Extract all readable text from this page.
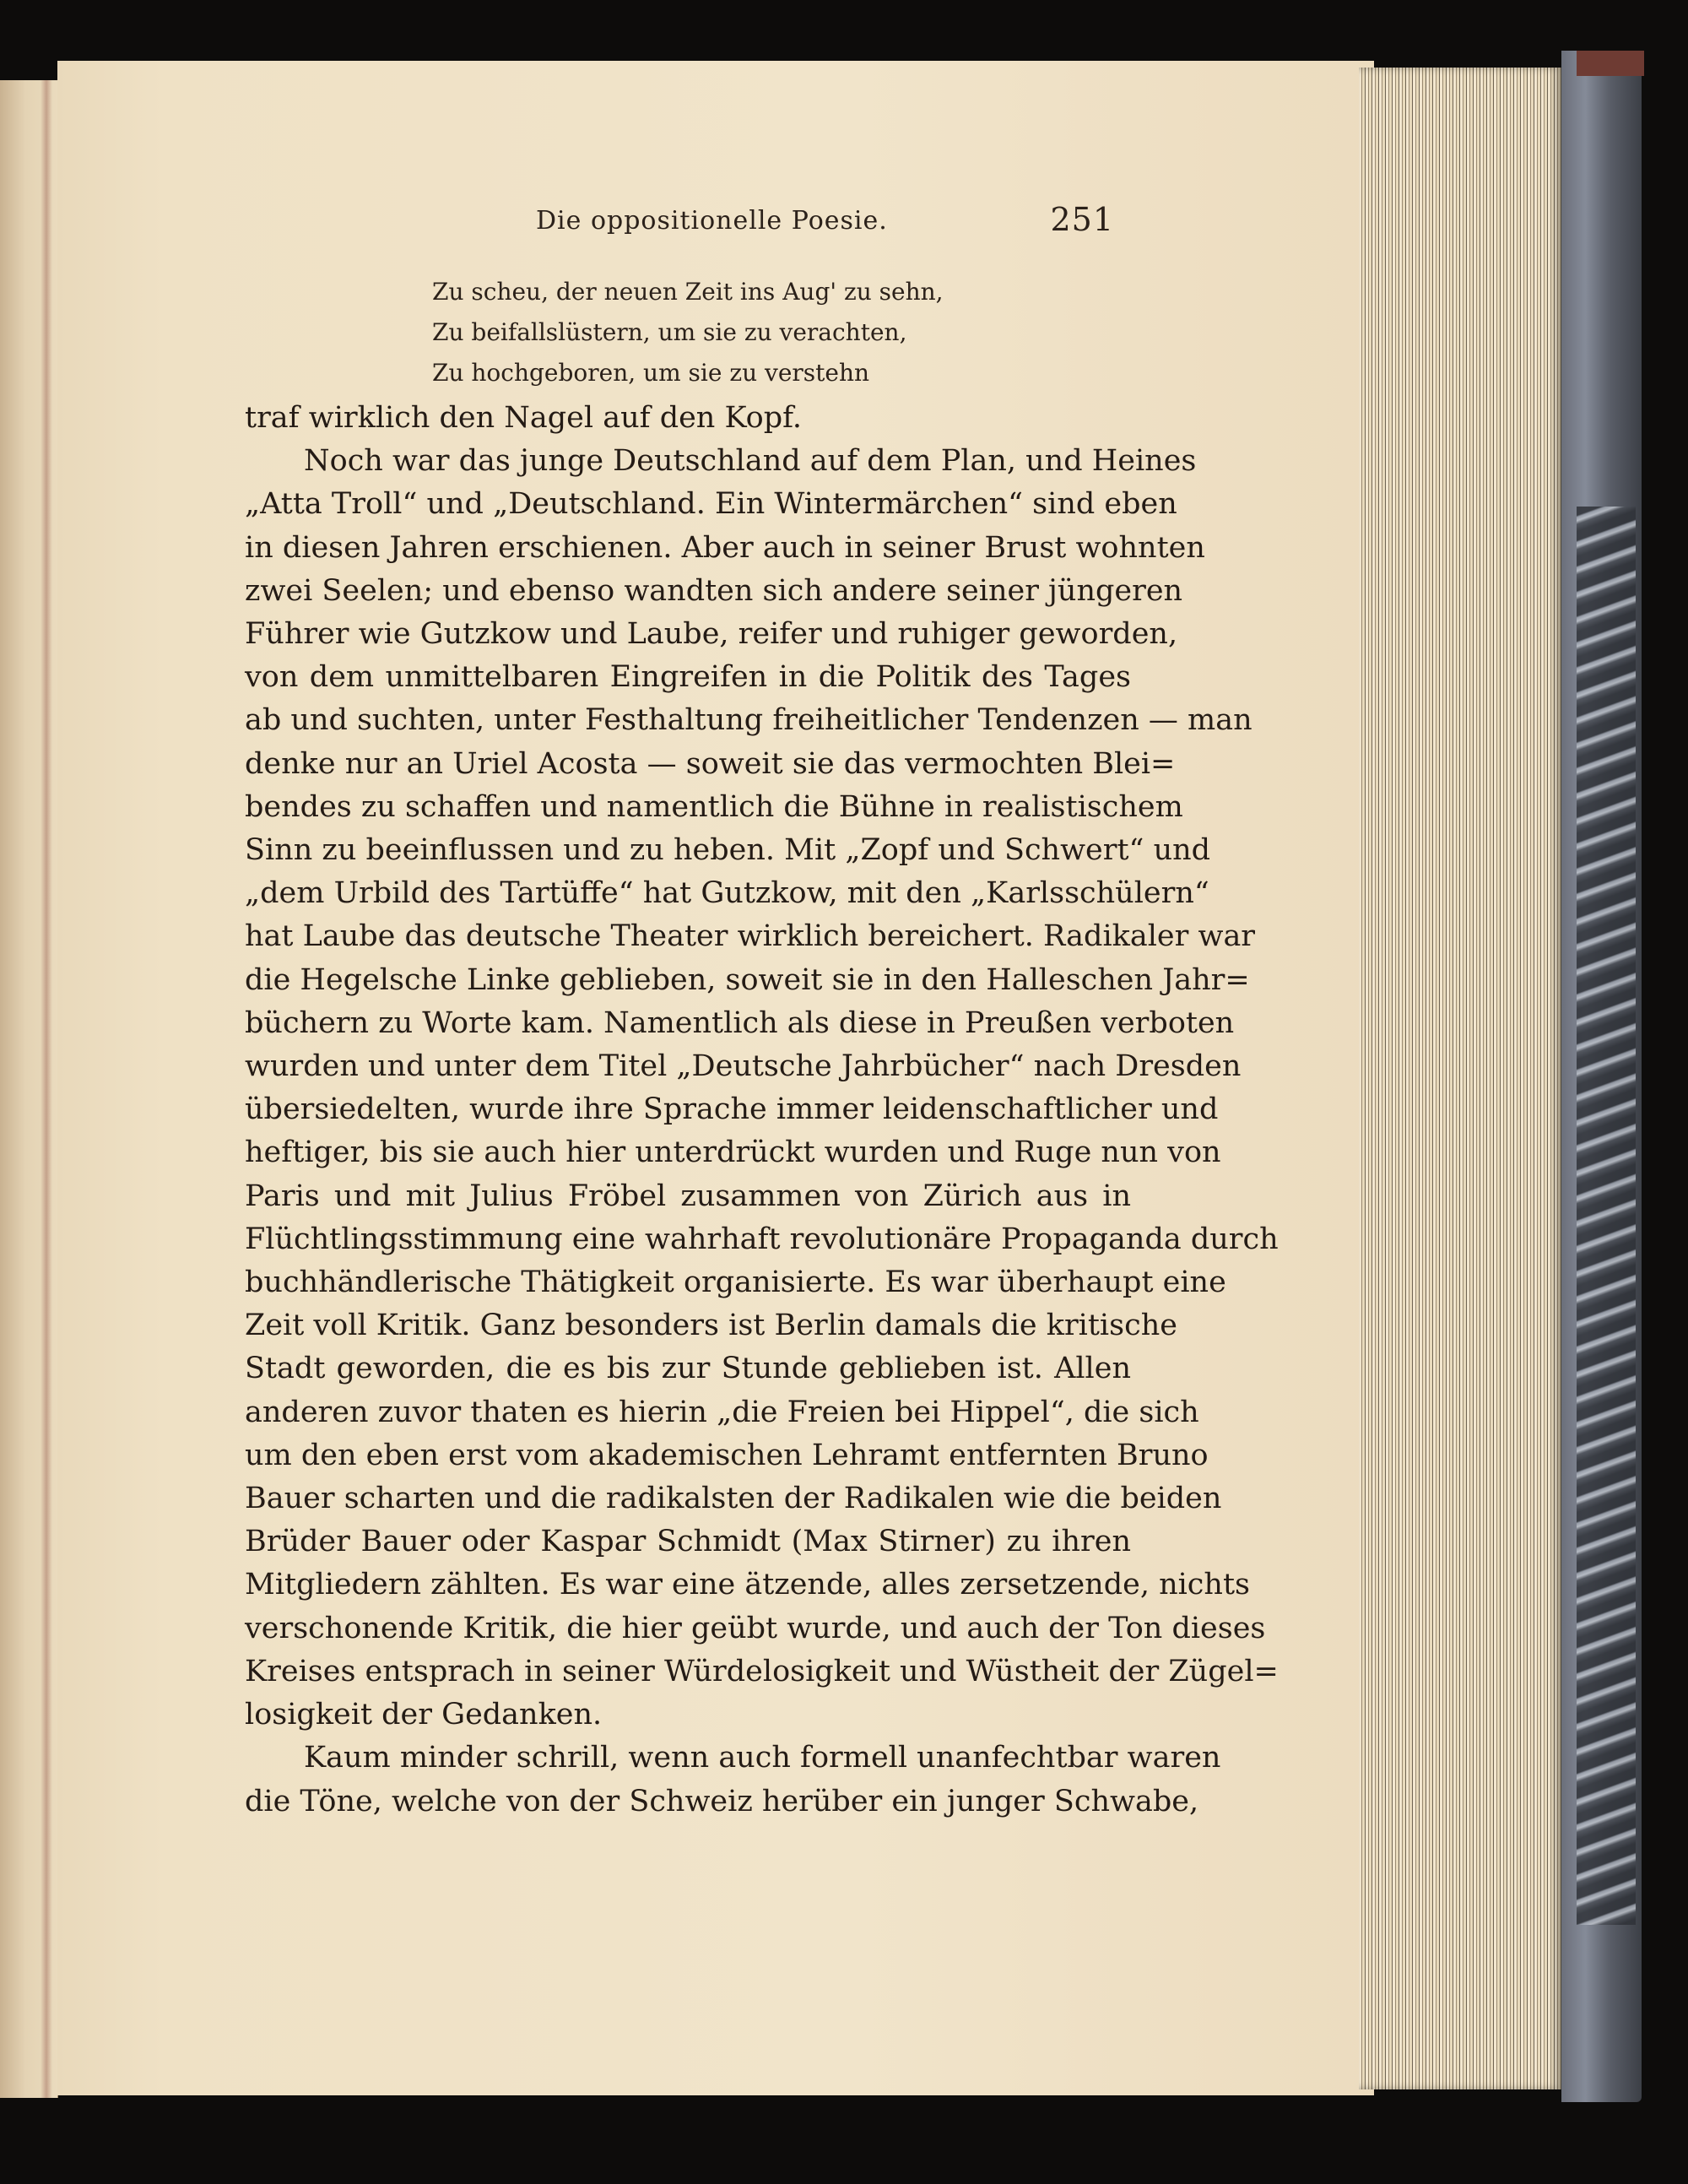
Die oppositionelle Poesie.	251
Zu scheu, der neuen Zeit ins Aug' zu sehn,
Zu beifallslüstern, um sie zu verachten,
Zu hochgeboren, um sie zu verstehn
traf wirklich den Nagel auf den Kopf.
Noch war das junge Deutschland auf dem Plan, und Heines
„Atta Troll“ und „Deutschland. Ein Wintermärchen“ sind eben
in diesen Jahren erschienen. Aber auch in seiner Brust wohnten
zwei Seelen; und ebenso wandten sich andere seiner jüngeren
Führer wie Gutzkow und Laube, reifer und ruhiger geworden,
von dem unmittelbaren Eingreifen in die Politik des Tages
ab und suchten, unter Festhaltung freiheitlicher Tendenzen — man
denke nur an Uriel Acosta — soweit sie das vermochten Blei=
bendes zu schaffen und namentlich die Bühne in realistischem
Sinn zu beeinflussen und zu heben. Mit „Zopf und Schwert“ und
„dem Urbild des Tartüffe“ hat Gutzkow, mit den „Karlsschülern“
hat Laube das deutsche Theater wirklich bereichert. Radikaler war
die Hegelsche Linke geblieben, soweit sie in den Halleschen Jahr=
büchern zu Worte kam. Namentlich als diese in Preußen verboten
wurden und unter dem Titel „Deutsche Jahrbücher“ nach Dresden
übersiedelten, wurde ihre Sprache immer leidenschaftlicher und
heftiger, bis sie auch hier unterdrückt wurden und Ruge nun von
Paris und mit Julius Fröbel zusammen von Zürich aus in
Flüchtlingsstimmung eine wahrhaft revolutionäre Propaganda durch
buchhändlerische Thätigkeit organisierte. Es war überhaupt eine
Zeit voll Kritik. Ganz besonders ist Berlin damals die kritische
Stadt geworden, die es bis zur Stunde geblieben ist. Allen
anderen zuvor thaten es hierin „die Freien bei Hippel“, die sich
um den eben erst vom akademischen Lehramt entfernten Bruno
Bauer scharten und die radikalsten der Radikalen wie die beiden
Brüder Bauer oder Kaspar Schmidt (Max Stirner) zu ihren
Mitgliedern zählten. Es war eine ätzende, alles zersetzende, nichts
verschonende Kritik, die hier geübt wurde, und auch der Ton dieses
Kreises entsprach in seiner Würdelosigkeit und Wüstheit der Zügel=
losigkeit der Gedanken.
Kaum minder schrill, wenn auch formell unanfechtbar waren
die Töne, welche von der Schweiz herüber ein junger Schwabe,
